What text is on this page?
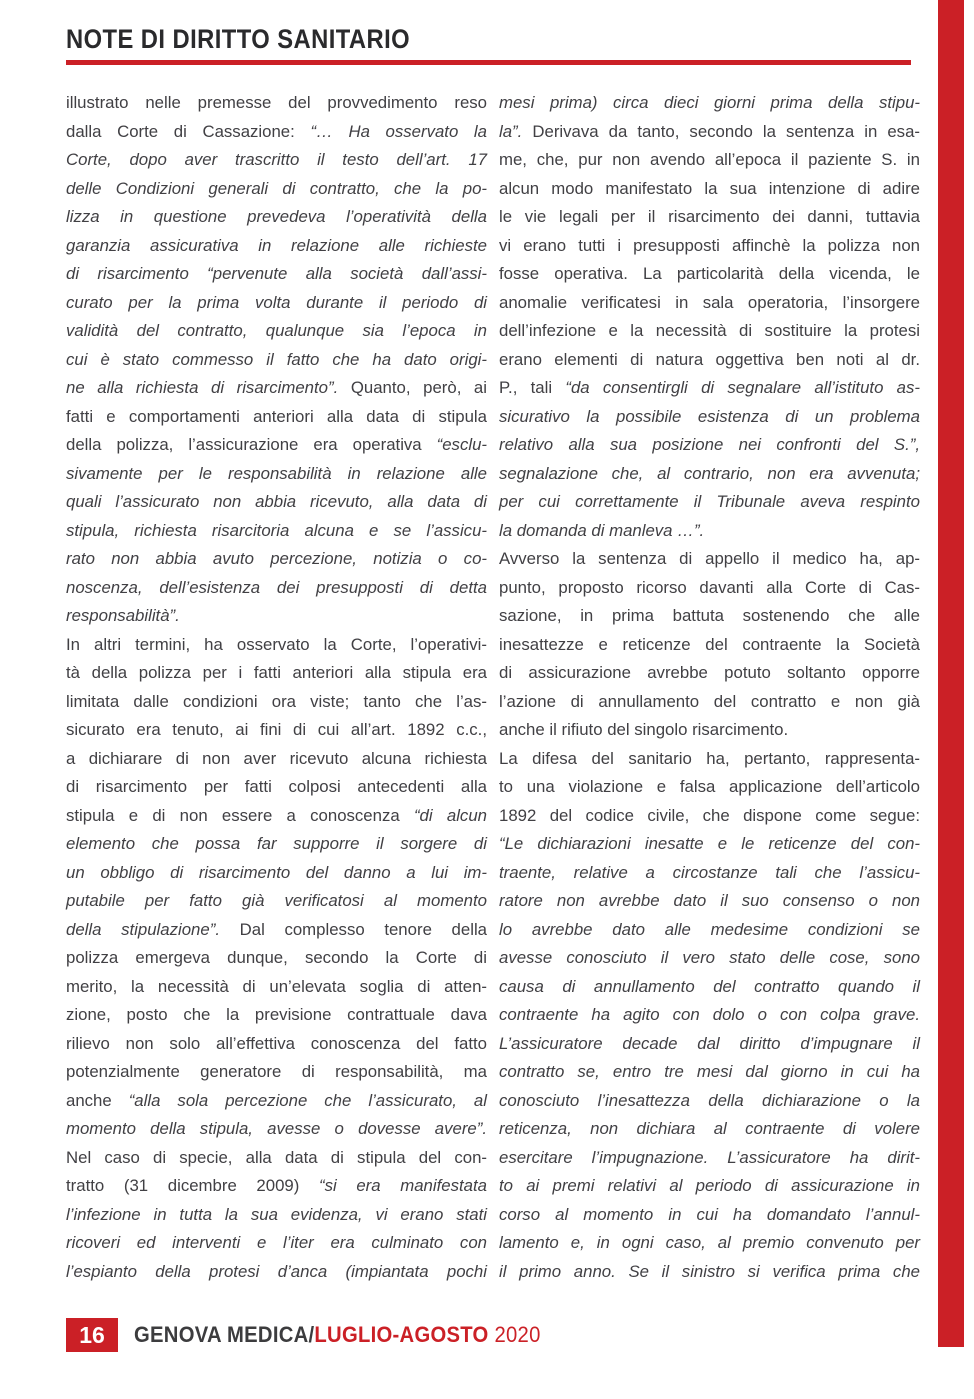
NOTE DI DIRITTO SANITARIO
illustrato nelle premesse del provvedimento reso
dalla Corte di Cassazione: “… Ha osservato la
Corte, dopo aver trascritto il testo dell’art. 17
delle Condizioni generali di contratto, che la po-
lizza in questione prevedeva l’operatività della
garanzia assicurativa in relazione alle richieste
di risarcimento “pervenute alla società dall’assi-
curato per la prima volta durante il periodo di
validità del contratto, qualunque sia l’epoca in
cui è stato commesso il fatto che ha dato origi-
ne alla richiesta di risarcimento”. Quanto, però, ai
fatti e comportamenti anteriori alla data di stipula
della polizza, l’assicurazione era operativa “esclu-
sivamente per le responsabilità in relazione alle
quali l’assicurato non abbia ricevuto, alla data di
stipula, richiesta risarcitoria alcuna e se l’assicu-
rato non abbia avuto percezione, notizia o co-
noscenza, dell’esistenza dei presupposti di detta
responsabilità”.
In altri termini, ha osservato la Corte, l’operativi-
tà della polizza per i fatti anteriori alla stipula era
limitata dalle condizioni ora viste; tanto che l’as-
sicurato era tenuto, ai fini di cui all’art. 1892 c.c.,
a dichiarare di non aver ricevuto alcuna richiesta
di risarcimento per fatti colposi antecedenti alla
stipula e di non essere a conoscenza “di alcun
elemento che possa far supporre il sorgere di
un obbligo di risarcimento del danno a lui im-
putabile per fatto già verificatosi al momento
della stipulazione”. Dal complesso tenore della
polizza emergeva dunque, secondo la Corte di
merito, la necessità di un’elevata soglia di atten-
zione, posto che la previsione contrattuale dava
rilievo non solo all’effettiva conoscenza del fatto
potenzialmente generatore di responsabilità, ma
anche “alla sola percezione che l’assicurato, al
momento della stipula, avesse o dovesse avere”.
Nel caso di specie, alla data di stipula del con-
tratto (31 dicembre 2009) “si era manifestata
l’infezione in tutta la sua evidenza, vi erano stati
ricoveri ed interventi e l’iter era culminato con
l’espianto della protesi d’anca (impiantata pochi
mesi prima) circa dieci giorni prima della stipu-
la”. Derivava da tanto, secondo la sentenza in esa-
me, che, pur non avendo all’epoca il paziente S. in
alcun modo manifestato la sua intenzione di adire
le vie legali per il risarcimento dei danni, tuttavia
vi erano tutti i presupposti affinchè la polizza non
fosse operativa. La particolarità della vicenda, le
anomalie verificatesi in sala operatoria, l’insorgere
dell’infezione e la necessità di sostituire la protesi
erano elementi di natura oggettiva ben noti al dr.
P., tali “da consentirgli di segnalare all’istituto as-
sicurativo la possibile esistenza di un problema
relativo alla sua posizione nei confronti del S.”,
segnalazione che, al contrario, non era avvenuta;
per cui correttamente il Tribunale aveva respinto
la domanda di manleva …”.
Avverso la sentenza di appello il medico ha, ap-
punto, proposto ricorso davanti alla Corte di Cas-
sazione, in prima battuta sostenendo che alle
inesattezze e reticenze del contraente la Società
di assicurazione avrebbe potuto soltanto opporre
l’azione di annullamento del contratto e non già
anche il rifiuto del singolo risarcimento.
La difesa del sanitario ha, pertanto, rappresenta-
to una violazione e falsa applicazione dell’articolo
1892 del codice civile, che dispone come segue:
“Le dichiarazioni inesatte e le reticenze del con-
traente, relative a circostanze tali che l’assicu-
ratore non avrebbe dato il suo consenso o non
lo avrebbe dato alle medesime condizioni se
avesse conosciuto il vero stato delle cose, sono
causa di annullamento del contratto quando il
contraente ha agito con dolo o con colpa grave.
L’assicuratore decade dal diritto d’impugnare il
contratto se, entro tre mesi dal giorno in cui ha
conosciuto l’inesattezza della dichiarazione o la
reticenza, non dichiara al contraente di volere
esercitare l’impugnazione. L’assicuratore ha dirit-
to ai premi relativi al periodo di assicurazione in
corso al momento in cui ha domandato l’annul-
lamento e, in ogni caso, al premio convenuto per
il primo anno. Se il sinistro si verifica prima che
16	GENOVA MEDICA/LUGLIO-AGOSTO 2020
